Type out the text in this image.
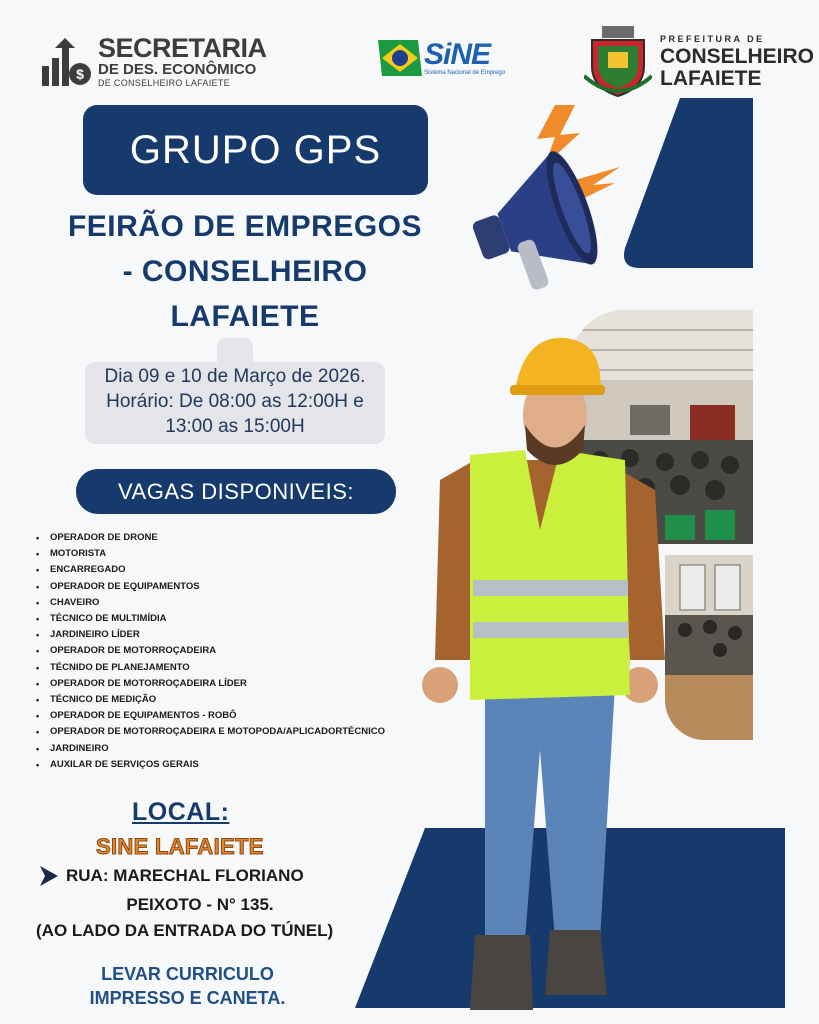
$
SECRETARIA
DE DES. ECONÔMICO
DE CONSELHEIRO LAFAIETE
SiNE
Sistema Nacional de Emprego
PREFEITURA DE
CONSELHEIRO
LAFAIETE
GRUPO GPS
FEIRÃO DE EMPREGOS
- CONSELHEIRO
LAFAIETE
Dia 09 e 10 de Março de 2026.
Horário: De 08:00 as 12:00H e
13:00 as 15:00H
VAGAS DISPONIVEIS:
• OPERADOR DE DRONE
• MOTORISTA
• ENCARREGADO
• OPERADOR DE EQUIPAMENTOS
• CHAVEIRO
• TÉCNICO DE MULTIMÍDIA
• JARDINEIRO LÍDER
• OPERADOR DE MOTORROÇADEIRA
• TÉCNIDO DE PLANEJAMENTO
• OPERADOR DE MOTORROÇADEIRA LÍDER
• TÉCNICO DE MEDIÇÃO
• OPERADOR DE EQUIPAMENTOS - ROBÔ
• OPERADOR DE MOTORROÇADEIRA E MOTOPODA/APLICADORTÉCNICO
• JARDINEIRO
• AUXILAR DE SERVIÇOS GERAIS
LOCAL:
SINE LAFAIETE
RUA: MARECHAL FLORIANO
PEIXOTO - N° 135.
(AO LADO DA ENTRADA DO TÚNEL)
LEVAR CURRICULO
IMPRESSO E CANETA.
